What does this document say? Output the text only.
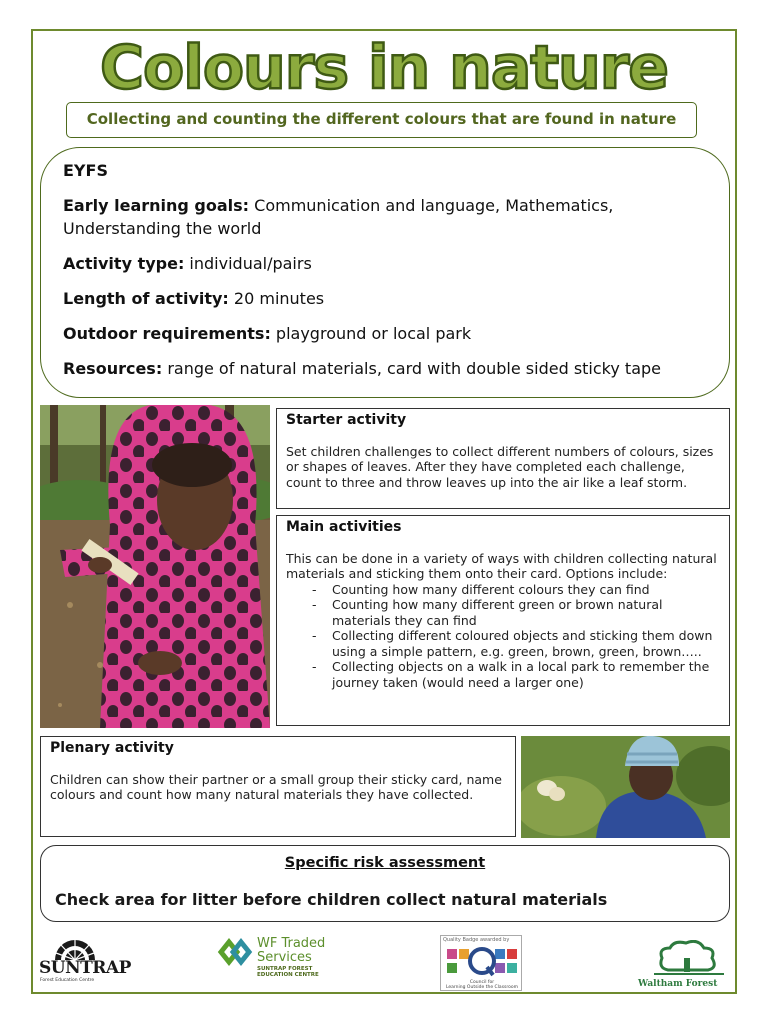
Colours in nature
Collecting and counting the different colours that are found in nature
EYFS
Early learning goals: Communication and language, Mathematics, Understanding the world
Activity type: individual/pairs
Length of activity: 20 minutes
Outdoor requirements: playground or local park
Resources: range of natural materials, card with double sided sticky tape
Starter activity
Set children challenges to collect different numbers of colours, sizes or shapes of leaves. After they have completed each challenge, count to three and throw leaves up into the air like a leaf storm.
Main activities
This can be done in a variety of ways with children collecting natural materials and sticking them onto their card. Options include:
- Counting how many different colours they can find
- Counting how many different green or brown natural materials they can find
- Collecting different coloured objects and sticking them down using a simple pattern, e.g. green, brown, green, brown…..
- Collecting objects on a walk in a local park to remember the journey taken (would need a larger one)
Plenary activity
Children can show their partner or a small group their sticky card, name colours and count how many natural materials they have collected.
Specific risk assessment
Check area for litter before children collect natural materials
SUNTRAP
Forest Education Centre
WF Traded
Services
SUNTRAP FOREST
EDUCATION CENTRE
Quality Badge awarded by
Council for
Learning Outside the Classroom	Waltham Forest
